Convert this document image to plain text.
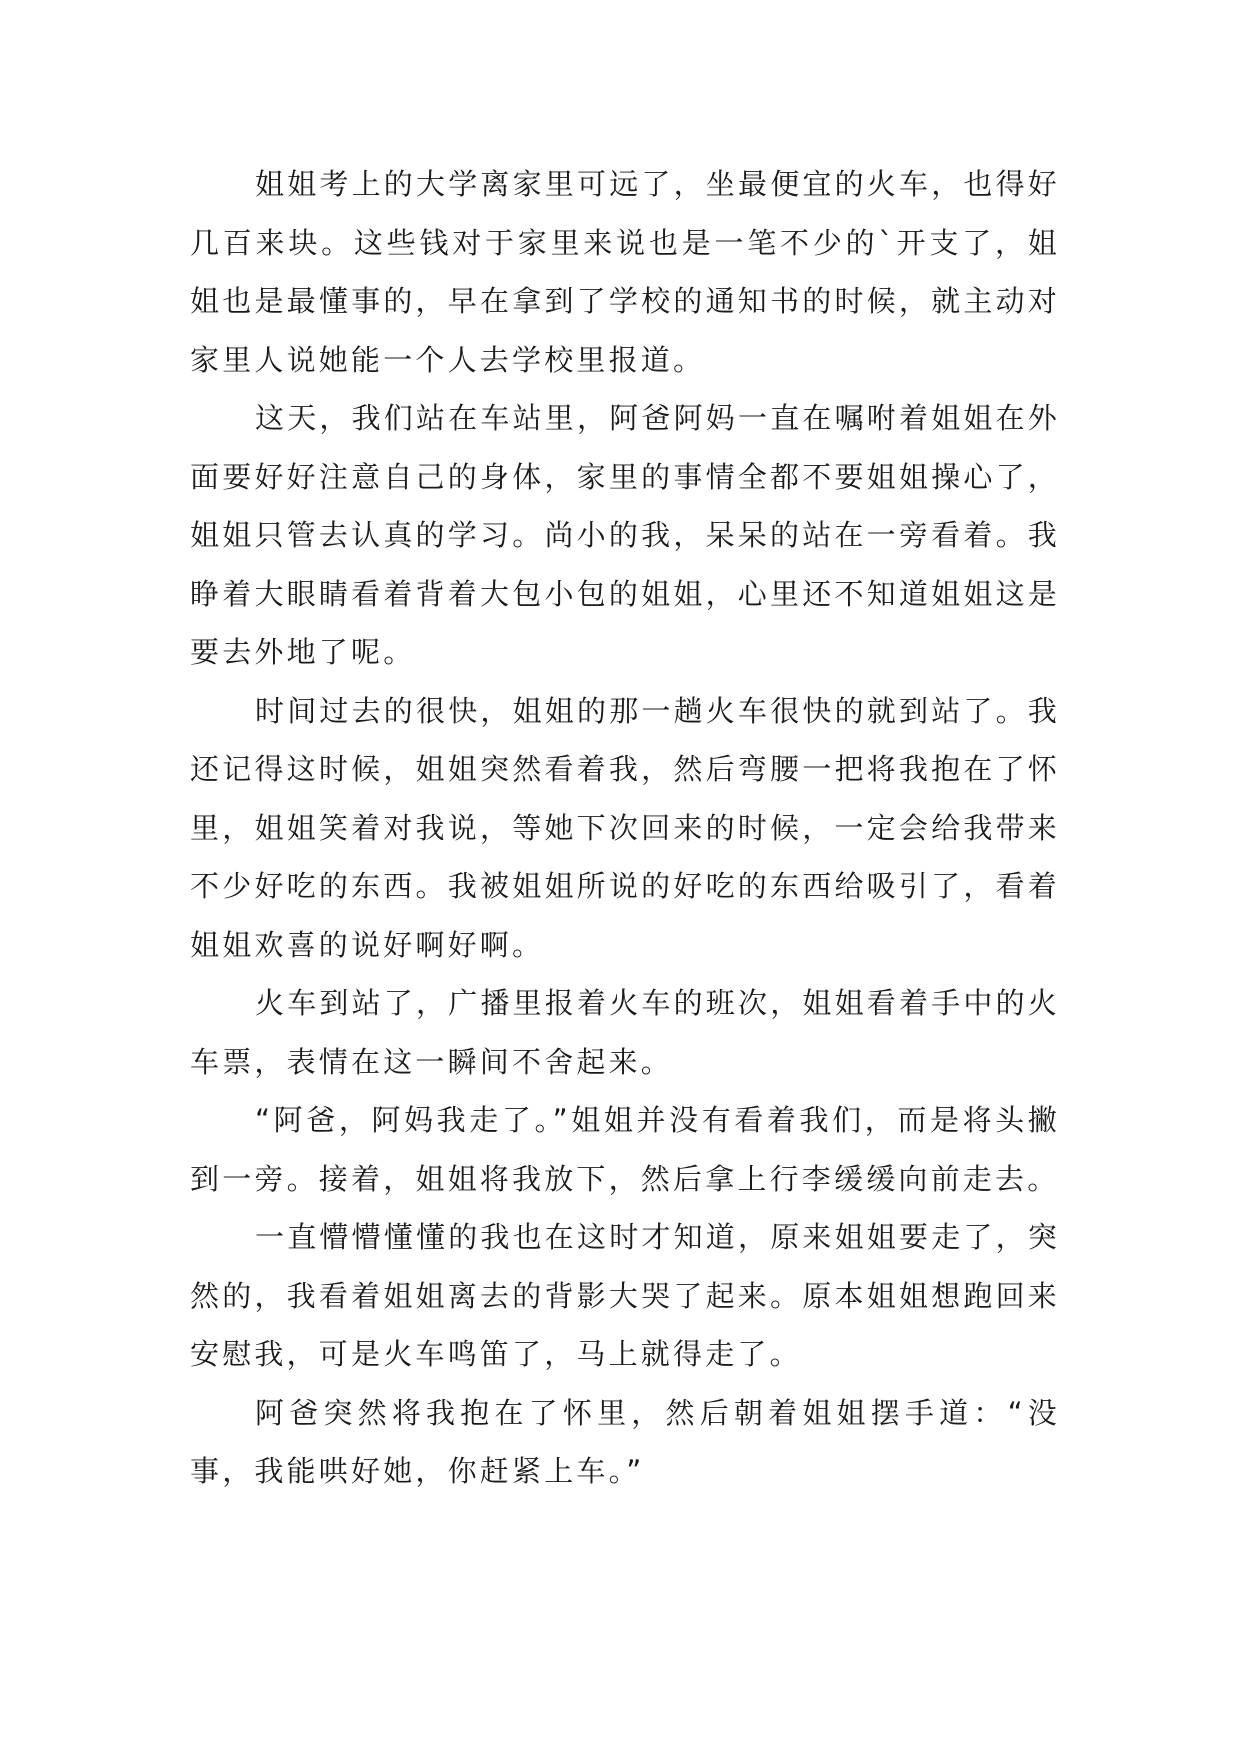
姐姐考上的大学离家里可远了，坐最便宜的火车，也得好几百来块。这些钱对于家里来说也是一笔不少的`开支了，姐姐也是最懂事的，早在拿到了学校的通知书的时候，就主动对家里人说她能一个人去学校里报道。

这天，我们站在车站里，阿爸阿妈一直在嘱咐着姐姐在外面要好好注意自己的身体，家里的事情全都不要姐姐操心了，姐姐只管去认真的学习。尚小的我，呆呆的站在一旁看着。我睁着大眼睛看着背着大包小包的姐姐，心里还不知道姐姐这是要去外地了呢。

时间过去的很快，姐姐的那一趟火车很快的就到站了。我还记得这时候，姐姐突然看着我，然后弯腰一把将我抱在了怀里，姐姐笑着对我说，等她下次回来的时候，一定会给我带来不少好吃的东西。我被姐姐所说的好吃的东西给吸引了，看着姐姐欢喜的说好啊好啊。

火车到站了，广播里报着火车的班次，姐姐看着手中的火车票，表情在这一瞬间不舍起来。

“阿爸，阿妈我走了。”姐姐并没有看着我们，而是将头撇到一旁。接着，姐姐将我放下，然后拿上行李缓缓向前走去。

一直懵懵懂懂的我也在这时才知道，原来姐姐要走了，突然的，我看着姐姐离去的背影大哭了起来。原本姐姐想跑回来安慰我，可是火车鸣笛了，马上就得走了。

阿爸突然将我抱在了怀里，然后朝着姐姐摆手道：“没事，我能哄好她，你赶紧上车。”
